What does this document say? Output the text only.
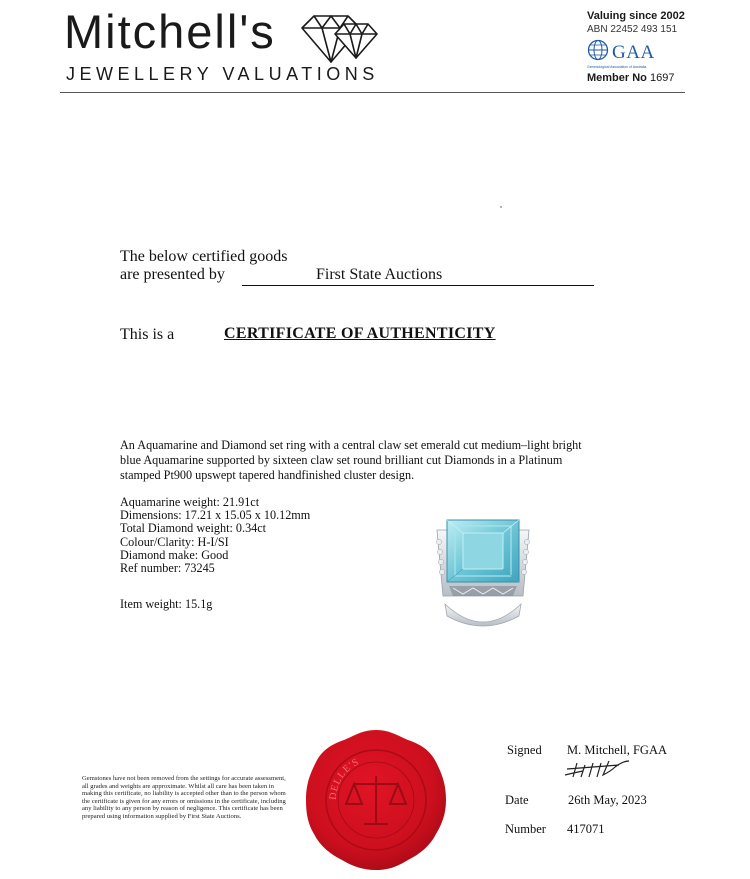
Mitchell's
JEWELLERY VALUATIONS
Valuing since 2002
ABN 22452 493 151
GAA
Gemmological Association of Australia
Member No 1697
The below certified goods
are presented by	First State Auctions
This is a	CERTIFICATE OF AUTHENTICITY
An Aquamarine and Diamond set ring with a central claw set emerald cut medium–light bright blue Aquamarine supported by sixteen claw set round brilliant cut Diamonds in a Platinum stamped Pt900 upswept tapered handfinished cluster design.
Aquamarine weight: 21.91ct
Dimensions: 17.21 x 15.05 x 10.12mm
Total Diamond weight: 0.34ct
Colour/Clarity: H-I/SI
Diamond make: Good
Ref number: 73245
Item weight: 15.1g
Gemstones have not been removed from the settings for accurate assessment, all grades and weights are approximate. Whilst all care has been taken in making this certificate, no liability is accepted other than to the person whom the certificate is given for any errors or omissions in the certificate, including any liability to any person by reason of negligence. This certificate has been prepared using information supplied by First State Auctions.
DELLE'S
Signed M. Mitchell, FGAA
Date	26th May, 2023
Number 417071
